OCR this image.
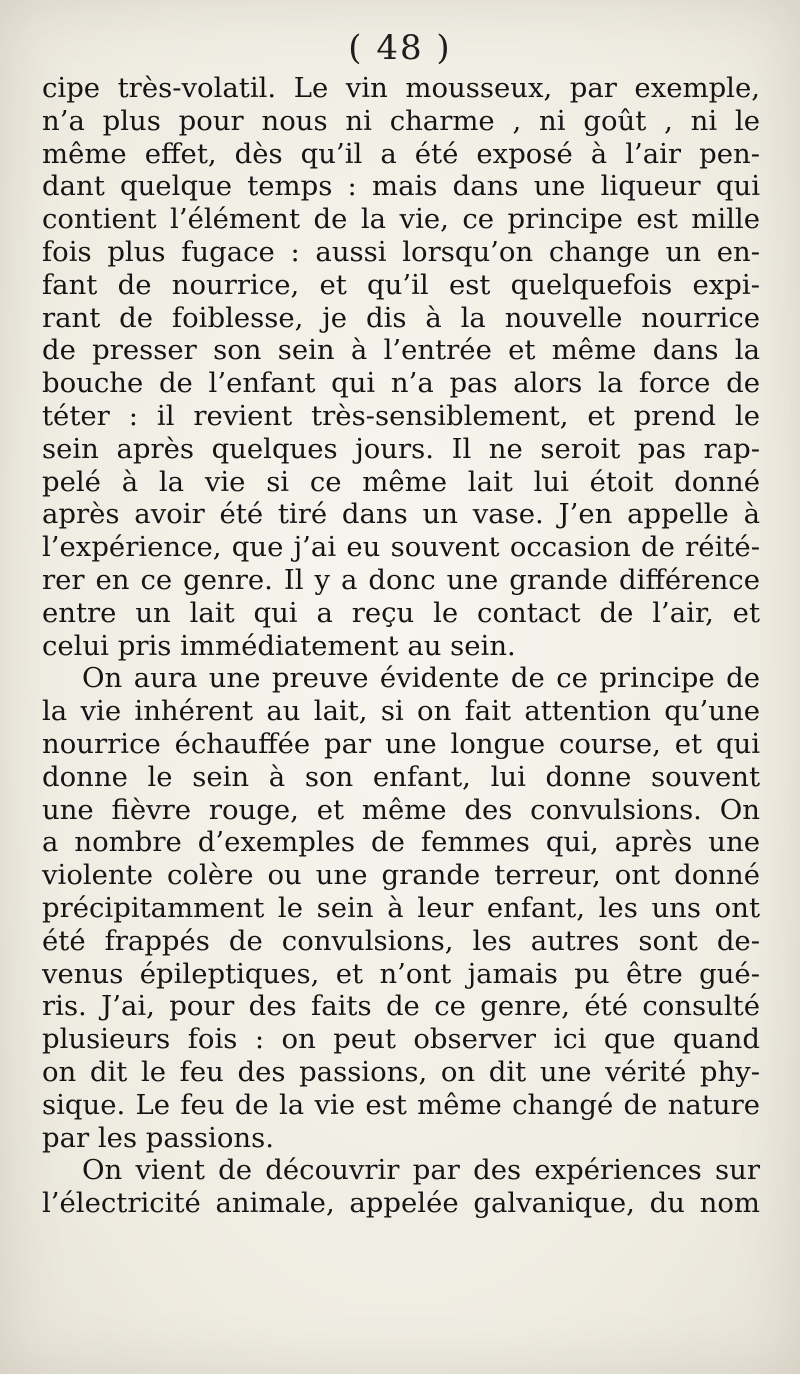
( 48 )
cipe très-volatil. Le vin mousseux, par exemple,
n’a plus pour nous ni charme , ni goût , ni le
même effet, dès qu’il a été exposé à l’air pen-
dant quelque temps : mais dans une liqueur qui
contient l’élément de la vie, ce principe est mille
fois plus fugace : aussi lorsqu’on change un en-
fant de nourrice, et qu’il est quelquefois expi-
rant de foiblesse, je dis à la nouvelle nourrice
de presser son sein à l’entrée et même dans la
bouche de l’enfant qui n’a pas alors la force de
téter : il revient très-sensiblement, et prend le
sein après quelques jours. Il ne seroit pas rap-
pelé à la vie si ce même lait lui étoit donné
après avoir été tiré dans un vase. J’en appelle à
l’expérience, que j’ai eu souvent occasion de réité-
rer en ce genre. Il y a donc une grande différence
entre un lait qui a reçu le contact de l’air, et
celui pris immédiatement au sein.
On aura une preuve évidente de ce principe de
la vie inhérent au lait, si on fait attention qu’une
nourrice échauffée par une longue course, et qui
donne le sein à son enfant, lui donne souvent
une fièvre rouge, et même des convulsions. On
a nombre d’exemples de femmes qui, après une
violente colère ou une grande terreur, ont donné
précipitamment le sein à leur enfant, les uns ont
été frappés de convulsions, les autres sont de-
venus épileptiques, et n’ont jamais pu être gué-
ris. J’ai, pour des faits de ce genre, été consulté
plusieurs fois : on peut observer ici que quand
on dit le feu des passions, on dit une vérité phy-
sique. Le feu de la vie est même changé de nature
par les passions.
On vient de découvrir par des expériences sur
l’électricité animale, appelée galvanique, du nom
